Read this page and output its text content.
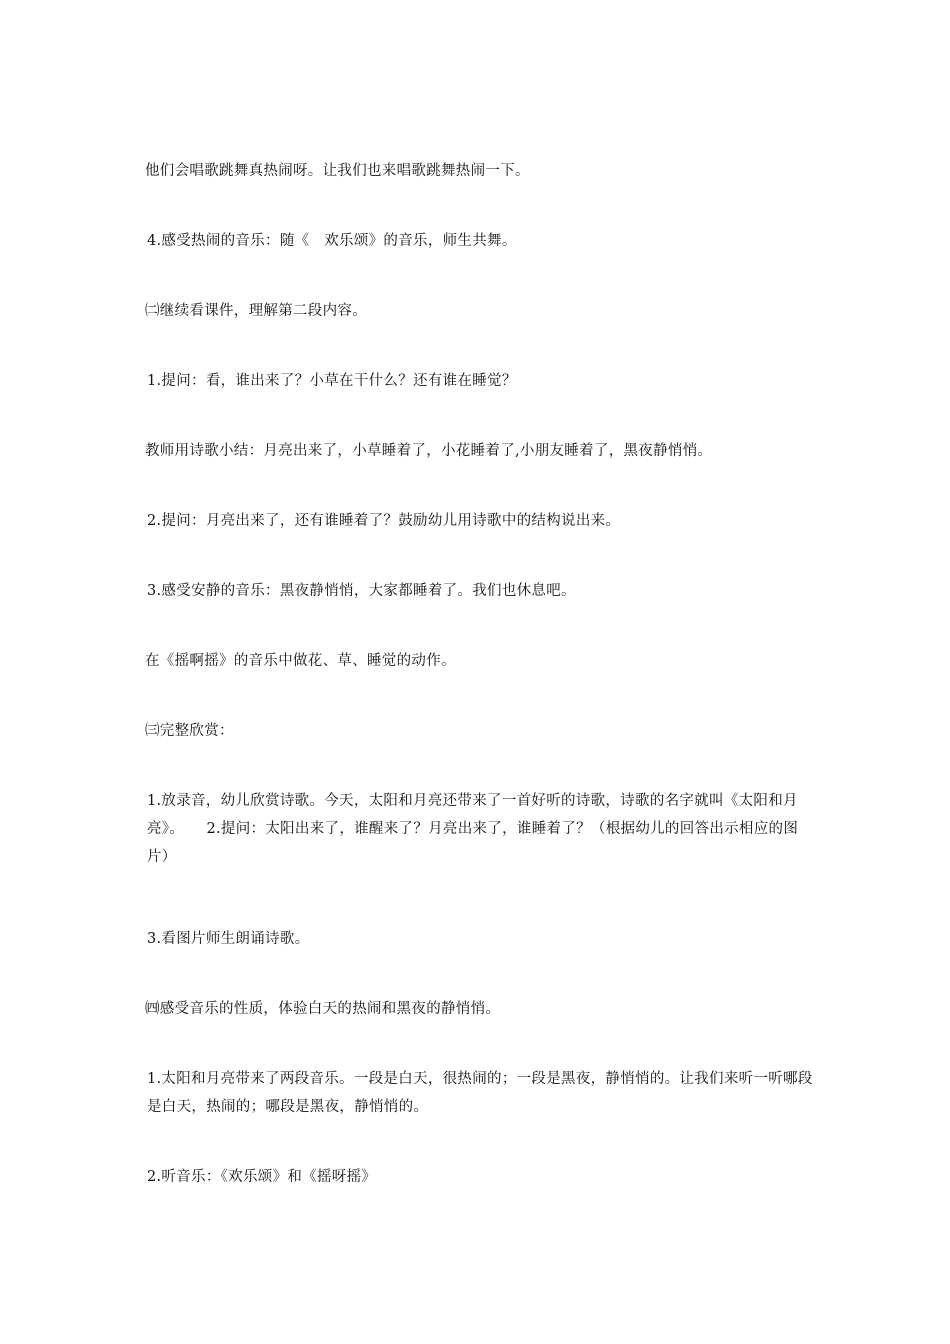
他们会唱歌跳舞真热闹呀。让我们也来唱歌跳舞热闹一下。
4.感受热闹的音乐：随《　欢乐颂》的音乐，师生共舞。
㈡继续看课件，理解第二段内容。
1.提问：看，谁出来了？小草在干什么？还有谁在睡觉？
教师用诗歌小结：月亮出来了，小草睡着了，小花睡着了,小朋友睡着了，黑夜静悄悄。
2.提问：月亮出来了，还有谁睡着了？鼓励幼儿用诗歌中的结构说出来。
3.感受安静的音乐：黑夜静悄悄，大家都睡着了。我们也休息吧。
在《摇啊摇》的音乐中做花、草、睡觉的动作。
㈢完整欣赏：
1.放录音，幼儿欣赏诗歌。今天，太阳和月亮还带来了一首好听的诗歌，诗歌的名字就叫《太阳和月亮》。　　2.提问：太阳出来了，谁醒来了？月亮出来了，谁睡着了？（根据幼儿的回答出示相应的图片）
3.看图片师生朗诵诗歌。
㈣感受音乐的性质，体验白天的热闹和黑夜的静悄悄。
1.太阳和月亮带来了两段音乐。一段是白天，很热闹的；一段是黑夜，静悄悄的。让我们来听一听哪段是白天，热闹的；哪段是黑夜，静悄悄的。
2.听音乐：《欢乐颂》和《摇呀摇》
